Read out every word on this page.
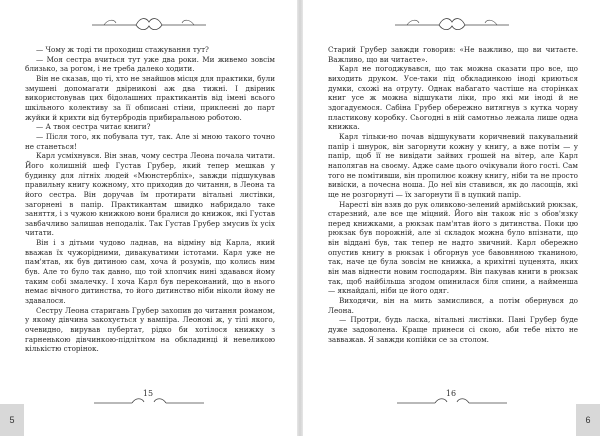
— Чому ж тоді ти проходиш стажування тут?

— Моя сестра вчиться тут уже два роки. Ми живемо зовсім близько, за рогом, і не треба далеко ходити.

Він не сказав, що ті, хто не знайшов місця для практики, були змушені допомагати двірникові аж два тижні. І двірник використовував цих бідолашних практикантів від імені всього шкільного колективу за її обписані стіни, приклеєні до парт жуйки й крихти від бутербродів прибиральною роботою.

— А твоя сестра читає книги?

— Після того, як побувала тут, так. Але зі мною такого точно не станеться!

Карл усміхнувся. Він знав, чому сестра Леона почала читати. Його колишній шеф Густав Грубер, який тепер мешкав у будинку для літніх людей «Мюнстербліх», завжди підшукував правильну книгу кожному, хто приходив до читання, в Леона та його сестра. Він доручав їм протирати вітальні листівки, загорнені в папір. Практикантам швидко набридало таке заняття, і з чужою книжкою вони бралися до книжок, які Густав завбачливо залишав неподалік. Так Густав Грубер змусив їх усіх читати.

Він і з дітьми чудово ладнав, на відміну від Карла, який вважав їх чужорідними, дивакуватими істотами. Карл уже не пам'ятав, як був дитиною сам, хоча й розумів, що колись ним був. Але то було так давно, що той хлопчик нині здавався йому таким собі змалечку. І хоча Карл був переконаний, що в нього немає вічного дитинства, то його дитинство ніби ніколи йому не здавалося.

Сестру Леона старигань Грубер захопив до читання романом, у якому дівчина закохується у вампіра. Леонові ж, у тілі якого, очевидно, вирував пубертат, рідко би хотілося книжку з гарненькою дівчинкою-підлітком на обкладинці й невеликою кількістю сторінок.

15
5

Старий Грубер завжди говорив: «Не важливо, що ви читаєте. Важливо, що ви читаєте».

Карл не погоджувався, що так можна сказати про все, що виходить друком. Усе-таки під обкладинкою іноді криються думки, схожі на отруту. Однак набагато частіше на сторінках книг усе ж можна відшукати ліки, про які ми іноді й не здогадуємося. Сабіна Грубер обережно витягнув з кутка чорну пластикову коробку. Сьогодні в ній самотньо лежала лише одна книжка.

Карл тільки-но почав відшукувати коричневий пакувальний папір і шнурок, він загорнути кожну у книгу, а вже потім — у папір, щоб її не вивідати зайвих грошей на вітер, але Карл наполягав на своєму. Адже саме цього очікували його гості. Сам того не помітивши, він пропилює кожну книгу, ніби та не просто вивіски, а почесна ноша. До неї він ставився, як до ласощів, які ще не розгорнуті — їх загорнути її в цупкий папір.

Наресті він взяв до рук оливково-зелений армійський рюкзак, старезний, але все ще міцний. Його він також ніс з обов'язку перед книжками, а рюкзак пам'ятав його з дитинства. Поки цю рюкзак був порожній, але зі складок можна було впізнати, що він віддані був, так тепер не надто звичний. Карл обережно опустив книгу в рюкзак і обгорнув усе бавовняною тканиною, так, наче це була зовсім не книжка, а крихітні цуценята, яких він мав віднести новим господарям. Він пакував книги в рюкзак так, щоб найбільша згодом опинилася біля спини, а найменша — якнайдалі, ніби це його одяг.

Виходячи, він на мить замислився, а потім обернувся до Леона.

— Протри, будь ласка, вітальні листівки. Пані Грубер буде дуже задоволена. Краще принеси сі скою, аби тебе ніхто не завважав. Я завжди копійки се за столом.

16
6
